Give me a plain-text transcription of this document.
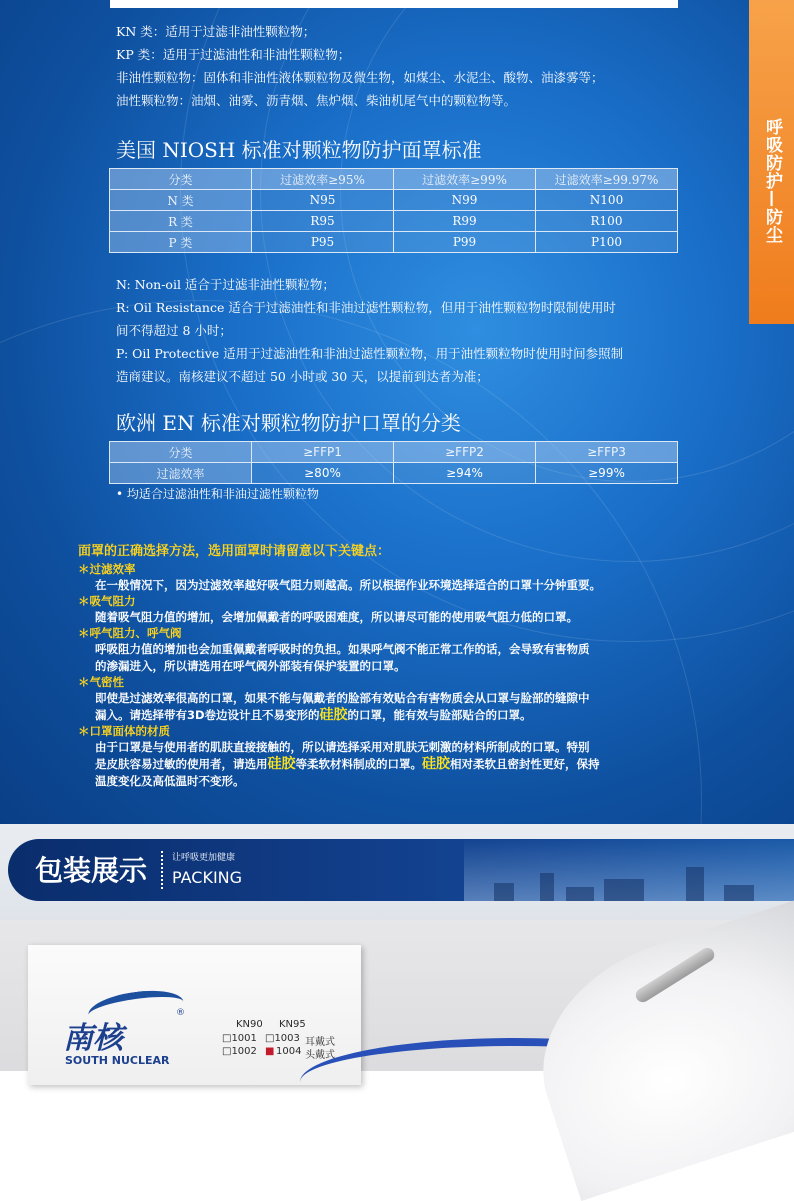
呼吸防护—防尘
KN 类：适用于过滤非油性颗粒物；
KP 类：适用于过滤油性和非油性颗粒物；
非油性颗粒物：固体和非油性液体颗粒物及微生物，如煤尘、水泥尘、酸物、油漆雾等；
油性颗粒物：油烟、油雾、沥青烟、焦炉烟、柴油机尾气中的颗粒物等。
美国 NIOSH 标准对颗粒物防护面罩标准
分类	过滤效率≥95%	过滤效率≥99%	过滤效率≥99.97%
N 类	N95	N99	N100
R 类	R95	R99	R100
P 类	P95	P99	P100
N: Non-oil 适合于过滤非油性颗粒物；
R: Oil Resistance 适合于过滤油性和非油过滤性颗粒物，但用于油性颗粒物时限制使用时
间不得超过 8 小时；
P: Oil Protective 适用于过滤油性和非油过滤性颗粒物，用于油性颗粒物时使用时间参照制
造商建议。南核建议不超过 50 小时或 30 天，以提前到达者为准；
欧洲 EN 标准对颗粒物防护口罩的分类
分类	≥FFP1	≥FFP2	≥FFP3
过滤效率	≥80%	≥94%	≥99%
• 均适合过滤油性和非油过滤性颗粒物
面罩的正确选择方法，选用面罩时请留意以下关键点：
＊过滤效率
在一般情况下，因为过滤效率越好吸气阻力则越高。所以根据作业环境选择适合的口罩十分钟重要。
＊吸气阻力
随着吸气阻力值的增加，会增加佩戴者的呼吸困难度，所以请尽可能的使用吸气阻力低的口罩。
＊呼气阻力、呼气阀
呼吸阻力值的增加也会加重佩戴者呼吸时的负担。如果呼气阀不能正常工作的话，会导致有害物质
的渗漏进入，所以请选用在呼气阀外部装有保护装置的口罩。
＊气密性
即使是过滤效率很高的口罩，如果不能与佩戴者的脸部有效贴合有害物质会从口罩与脸部的缝隙中
漏入。请选择带有3D卷边设计且不易变形的硅胶的口罩，能有效与脸部贴合的口罩。
＊口罩面体的材质
由于口罩是与使用者的肌肤直接接触的，所以请选择采用对肌肤无刺激的材料所制成的口罩。特别
是皮肤容易过敏的使用者，请选用硅胶等柔软材料制成的口罩。硅胶相对柔软且密封性更好，保持
温度变化及高低温时不变形。
包装展示	让呼吸更加健康
PACKING
南核
®
SOUTH NUCLEAR
KN90 KN95
□1001 □1003 耳戴式
□1002 ■ 1004 头戴式
